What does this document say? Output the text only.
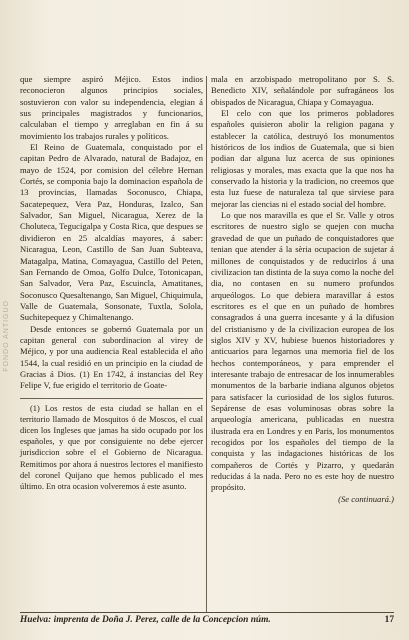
FONDO ANTIGUO

que siempre aspiró Méjico. Estos indios reconocieron algunos principios sociales, sostuvieron con valor su independencia, elegian á sus principales magistrados y funcionarios, calculaban el tiempo y arreglaban en fin á su movimiento los trabajos rurales y políticos.

El Reino de Guatemala, conquistado por el capitan Pedro de Alvarado, natural de Badajoz, en mayo de 1524, por comision del célebre Hernan Cortés, se componia bajo la dominacion española de 13 provincias, llamadas Soconusco, Chiapa, Sacatepequez, Vera Paz, Honduras, Izalco, San Salvador, San Miguel, Nicaragua, Xerez de la Choluteca, Tegucigalpa y Costa Rica, que despues se dividieron en 25 alcaldías mayores, á saber: Nicaragua, Leon, Castillo de San Juan Subteava, Matagalpa, Matina, Comayagua, Castillo del Peten, San Fernando de Omoa, Golfo Dulce, Totonicapan, San Salvador, Vera Paz, Escuincla, Amatitanes, Soconusco Quesaltenango, San Miguel, Chiquimula, Valle de Guatemala, Sonsonate, Tuxtla, Solola, Suchitepequez y Chimaltenango.

Desde entonces se gobernó Guatemala por un capitan general con subordinacion al virey de Méjico, y por una audiencia Real establecida el año 1544, la cual residió en un principio en la ciudad de Gracias á Dios. (1) En 1742, á instancias del Rey Felipe V, fue erigido el territorio de Goate-

(1) Los restos de esta ciudad se hallan en el territorio llamado de Mosquitos ó de Moscos, el cual dicen los Ingleses que jamas ha sido ocupado por los españoles, y que por consiguiente no debe ejercer jurisdiccion sobre el el Gobierno de Nicaragua. Remitimos por ahora á nuestros lectores el manifiesto del coronel Quijano que hemos publicado el mes último. En otra ocasion volveremos á este asunto.

mala en arzobispado metropolitano por S. S. Benedicto XIV, señalándole por sufragáneos los obispados de Nicaragua, Chiapa y Comayagua.

El celo con que los primeros pobladores españoles quisieron abolir la religion pagana y establecer la católica, destruyó los monumentos históricos de los indios de Guatemala, que si bien podian dar alguna luz acerca de sus opiniones religiosas y morales, mas exacta que la que nos ha conservado la historia y la tradicion, no creemos que esta luz fuese de naturaleza tal que sirviese para mejorar las ciencias ni el estado social del hombre.

Lo que nos maravilla es que el Sr. Valle y otros escritores de nuestro siglo se quejen con mucha gravedad de que un puñado de conquistadores que tenian que atender á la sèria ocupacion de sujetar á millones de conquistados y de reducirlos á una civilizacion tan distinta de la suya como la noche del dia, no contasen en su numero profundos arqueólogos. Lo que debiera maravillar á estos escritores es el que en un puñado de hombres consagrados á una guerra incesante y á la difusion del cristianismo y de la civilizacion europea de los siglos XIV y XV, hubiese buenos historiadores y anticuarios para legarnos una memoria fiel de los hechos contemporáneos, y para emprender el interesante trabajo de entresacar de los innumerables monumentos de la barbarie indiana algunos objetos para satisfacer la curiosidad de los siglos futuros. Sepárense de esas voluminosas obras sobre la arqueología americana, publicadas en nuestra ilustrada era en Londres y en Paris, los monumentos recogidos por los españoles del tiempo de la conquista y las indagaciones históricas de los compañeros de Cortés y Pizarro, y quedarán reducidas á la nada. Pero no es este hoy de nuestro propósito.

(Se continuará.)

Huelva: imprenta de Doña J. Perez, calle de la Concepcion núm.	17
